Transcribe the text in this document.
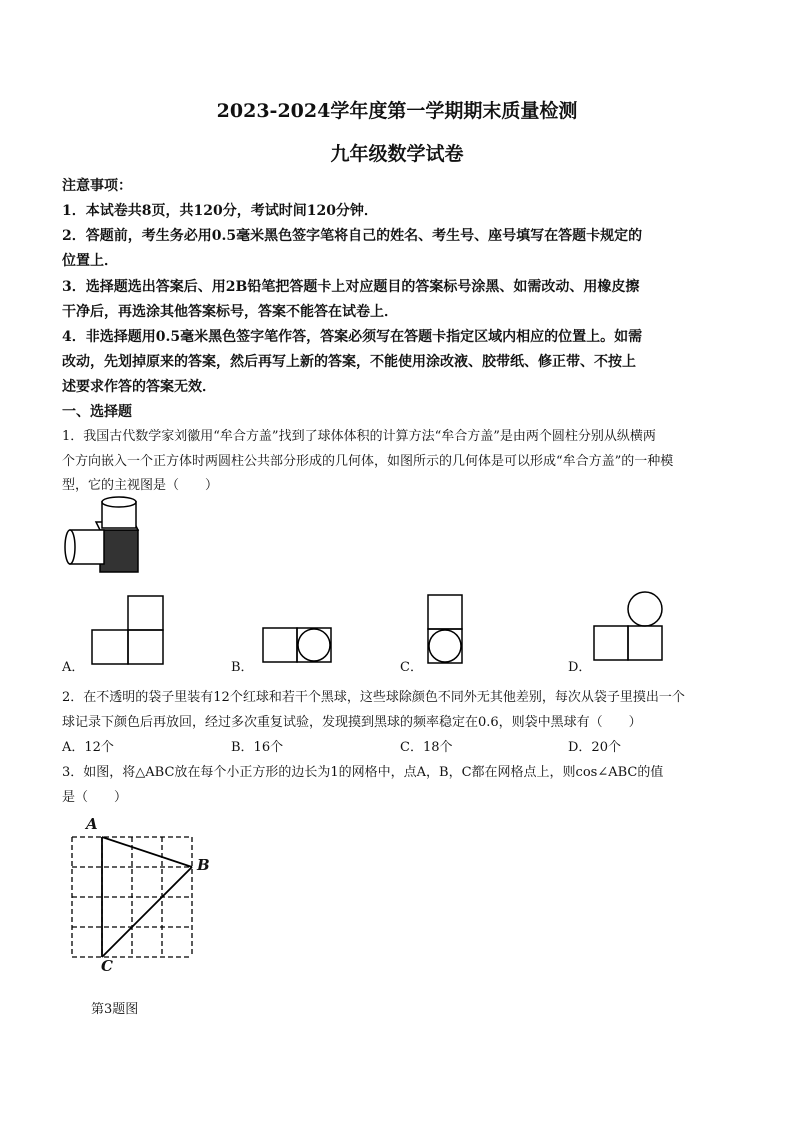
2023-2024学年度第一学期期末质量检测
九年级数学试卷
注意事项：
1．本试卷共8页，共120分，考试时间120分钟．
2．答题前，考生务必用0.5毫米黑色签字笔将自己的姓名、考生号、座号填写在答题卡规定的
位置上．
3．选择题选出答案后、用2B铅笔把答题卡上对应题目的答案标号涂黑、如需改动、用橡皮擦
干净后，再选涂其他答案标号，答案不能答在试卷上．
4．非选择题用0.5毫米黑色签字笔作答，答案必须写在答题卡指定区域内相应的位置上。如需
改动，先划掉原来的答案，然后再写上新的答案，不能使用涂改液、胶带纸、修正带、不按上
述要求作答的答案无效．
一、选择题
1．我国古代数学家刘徽用“牟合方盖”找到了球体体积的计算方法“牟合方盖”是由两个圆柱分别从纵横两
个方向嵌入一个正方体时两圆柱公共部分形成的几何体，如图所示的几何体是可以形成“牟合方盖”的一种模
型，它的主视图是（　　）
A．	B．	C．	D．
2．在不透明的袋子里装有12个红球和若干个黑球，这些球除颜色不同外无其他差别，每次从袋子里摸出一个
球记录下颜色后再放回，经过多次重复试验，发现摸到黑球的频率稳定在0.6，则袋中黑球有（　　）
A．12个	B．16个	C．18个	D．20个
3．如图，将△ABC放在每个小正方形的边长为1的网格中，点A，B，C都在网格点上，则cos∠ABC的值
是（　　）
A
B
C
第3题图
